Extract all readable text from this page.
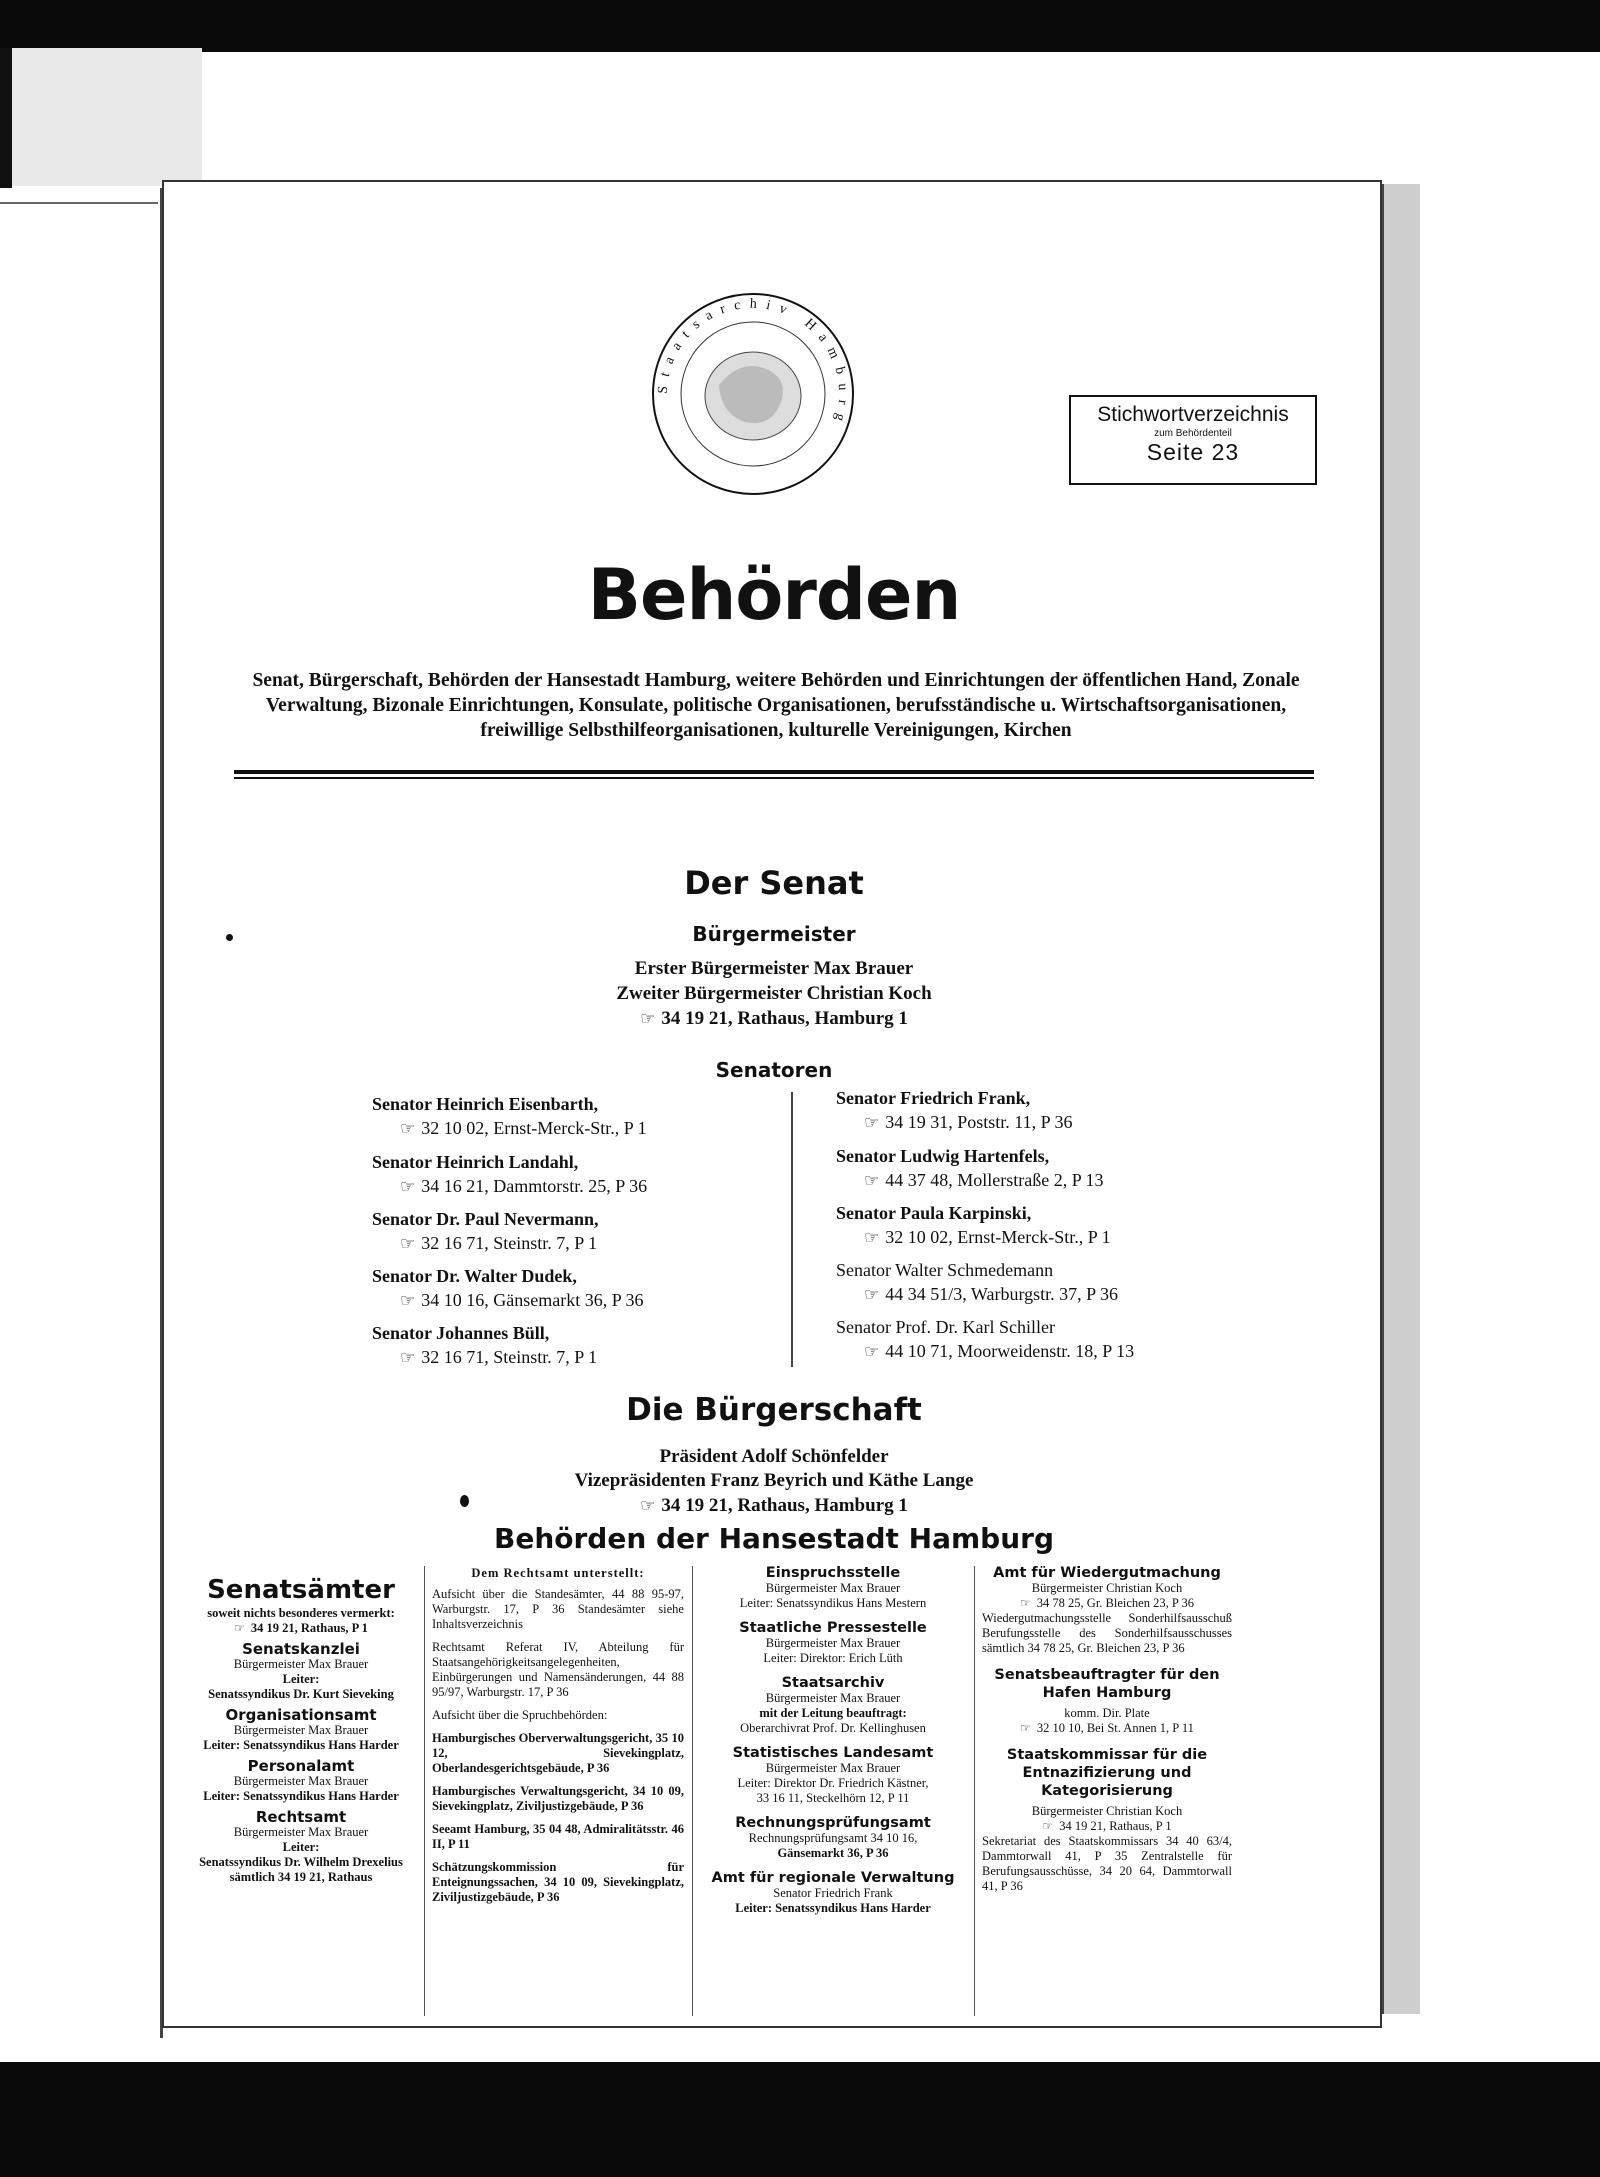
Staatsarchiv Hamburg	Stichwortverzeichnis
zum Behördenteil
Seite 23
Behörden
Senat, Bürgerschaft, Behörden der Hansestadt Hamburg, weitere Behörden und Einrichtungen der öffentlichen Hand, Zonale Verwaltung, Bizonale Einrichtungen, Konsulate, politische Organisationen, berufsständische u. Wirtschaftsorganisationen, freiwillige Selbsthilfeorganisationen, kulturelle Vereinigungen, Kirchen
Der Senat
Bürgermeister
Erster Bürgermeister Max Brauer
Zweiter Bürgermeister Christian Koch
☞ 34 19 21, Rathaus, Hamburg 1
Senatoren
Senator Heinrich Eisenbarth,
☞ 32 10 02, Ernst-Merck-Str., P 1
Senator Heinrich Landahl,
☞ 34 16 21, Dammtorstr. 25, P 36
Senator Dr. Paul Nevermann,
☞ 32 16 71, Steinstr. 7, P 1
Senator Dr. Walter Dudek,
☞ 34 10 16, Gänsemarkt 36, P 36
Senator Johannes Büll,
☞ 32 16 71, Steinstr. 7, P 1
Senator Friedrich Frank,
☞ 34 19 31, Poststr. 11, P 36
Senator Ludwig Hartenfels,
☞ 44 37 48, Mollerstraße 2, P 13
Senator Paula Karpinski,
☞ 32 10 02, Ernst-Merck-Str., P 1
Senator Walter Schmedemann
☞ 44 34 51/3, Warburgstr. 37, P 36
Senator Prof. Dr. Karl Schiller
☞ 44 10 71, Moorweidenstr. 18, P 13
Die Bürgerschaft
Präsident Adolf Schönfelder
Vizepräsidenten Franz Beyrich und Käthe Lange
☞ 34 19 21, Rathaus, Hamburg 1
Behörden der Hansestadt Hamburg
Senatsämter
soweit nichts besonderes vermerkt:
☞ 34 19 21, Rathaus, P 1
Senatskanzlei
Bürgermeister Max Brauer
Leiter:
Senatssyndikus Dr. Kurt Sieveking
Organisationsamt
Bürgermeister Max Brauer
Leiter: Senatssyndikus Hans Harder
Personalamt
Bürgermeister Max Brauer
Leiter: Senatssyndikus Hans Harder
Rechtsamt
Bürgermeister Max Brauer
Leiter:
Senatssyndikus Dr. Wilhelm Drexelius
sämtlich 34 19 21, Rathaus
Dem Rechtsamt unterstellt:
Aufsicht über die Standesämter, 44 88 95-97, Warburgstr. 17, P 36 Standesämter siehe Inhaltsverzeichnis
Rechtsamt Referat IV, Abteilung für Staatsangehörigkeitsangelegenheiten, Einbürgerungen und Namensänderungen, 44 88 95/97, Warburgstr. 17, P 36
Aufsicht über die Spruchbehörden:
Hamburgisches Oberverwaltungsgericht, 35 10 12, Sievekingplatz, Oberlandesgerichtsgebäude, P 36
Hamburgisches Verwaltungsgericht, 34 10 09, Sievekingplatz, Ziviljustizgebäude, P 36
Seeamt Hamburg, 35 04 48, Admiralitätsstr. 46 II, P 11
Schätzungskommission für Enteignungssachen, 34 10 09, Sievekingplatz, Ziviljustizgebäude, P 36
Einspruchsstelle
Bürgermeister Max Brauer
Leiter: Senatssyndikus Hans Mestern
Staatliche Pressestelle
Bürgermeister Max Brauer
Leiter: Direktor: Erich Lüth
Staatsarchiv
Bürgermeister Max Brauer
mit der Leitung beauftragt:
Oberarchivrat Prof. Dr. Kellinghusen
Statistisches Landesamt
Bürgermeister Max Brauer
Leiter: Direktor Dr. Friedrich Kästner,
33 16 11, Steckelhörn 12, P 11
Rechnungsprüfungsamt
Rechnungsprüfungsamt 34 10 16,
Gänsemarkt 36, P 36
Amt für regionale Verwaltung
Senator Friedrich Frank
Leiter: Senatssyndikus Hans Harder
Amt für Wiedergutmachung
Bürgermeister Christian Koch
☞ 34 78 25, Gr. Bleichen 23, P 36
Wiedergutmachungsstelle Sonderhilfsausschuß Berufungsstelle des Sonderhilfsausschusses sämtlich 34 78 25, Gr. Bleichen 23, P 36
Senatsbeauftragter für den Hafen Hamburg
komm. Dir. Plate
☞ 32 10 10, Bei St. Annen 1, P 11
Staatskommissar für die Entnazifizierung und Kategorisierung
Bürgermeister Christian Koch
☞ 34 19 21, Rathaus, P 1
Sekretariat des Staatskommissars 34 40 63/4, Dammtorwall 41, P 35 Zentralstelle für Berufungsausschüsse, 34 20 64, Dammtorwall 41, P 36
